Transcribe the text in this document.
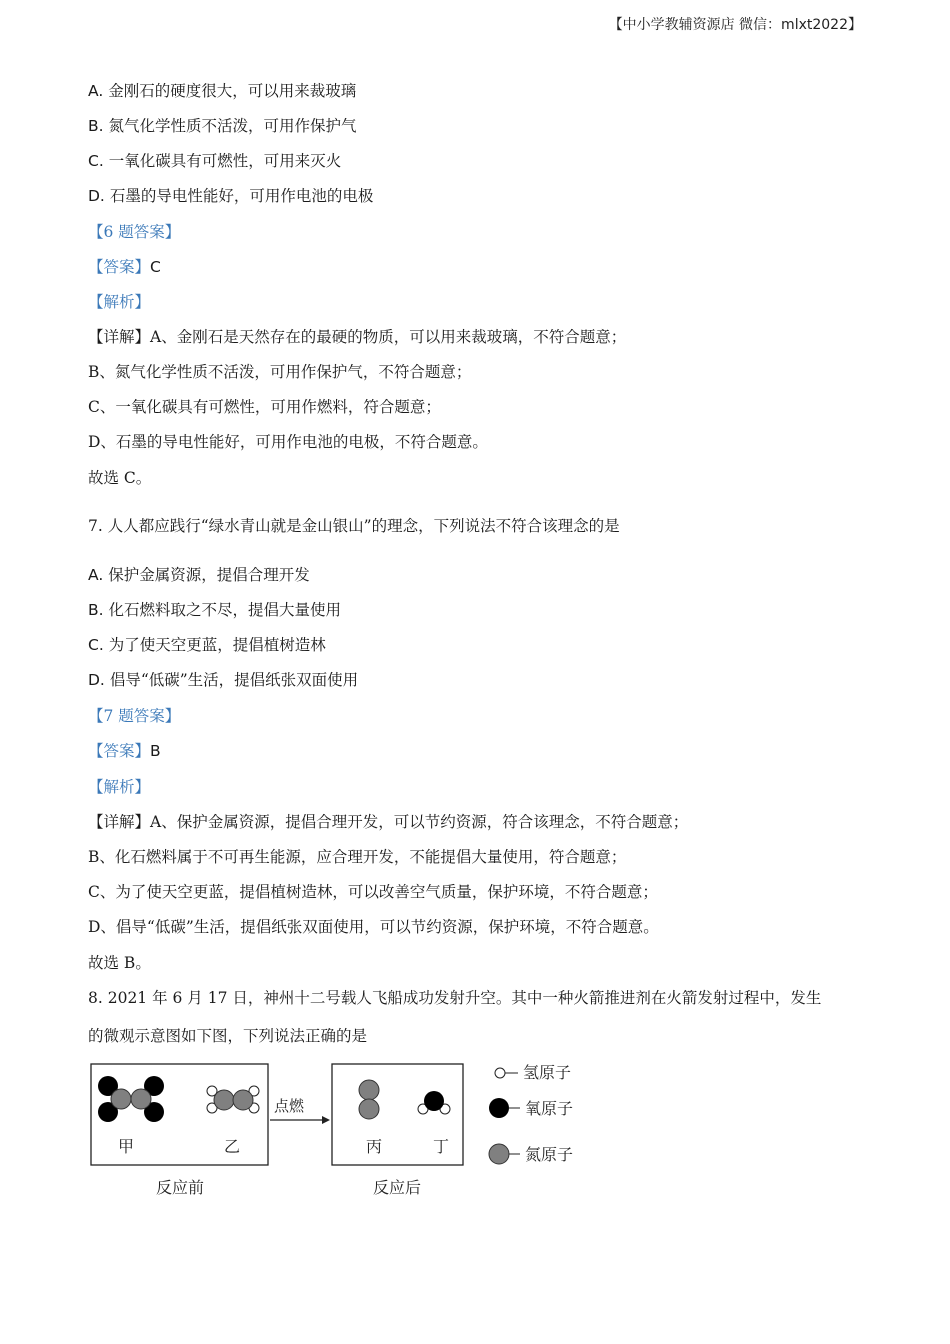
【中小学教辅资源店 微信：mlxt2022】
A. 金刚石的硬度很大，可以用来裁玻璃
B. 氮气化学性质不活泼，可用作保护气
C. 一氧化碳具有可燃性，可用来灭火
D. 石墨的导电性能好，可用作电池的电极
【6 题答案】
【答案】C
【解析】
【详解】A、金刚石是天然存在的最硬的物质，可以用来裁玻璃，不符合题意；
B、氮气化学性质不活泼，可用作保护气，不符合题意；
C、一氧化碳具有可燃性，可用作燃料，符合题意；
D、石墨的导电性能好，可用作电池的电极，不符合题意。
故选 C。
7. 人人都应践行“绿水青山就是金山银山”的理念，下列说法不符合该理念的是
A. 保护金属资源，提倡合理开发
B. 化石燃料取之不尽，提倡大量使用
C. 为了使天空更蓝，提倡植树造林
D. 倡导“低碳”生活，提倡纸张双面使用
【7 题答案】
【答案】B
【解析】
【详解】A、保护金属资源，提倡合理开发，可以节约资源，符合该理念，不符合题意；
B、化石燃料属于不可再生能源，应合理开发，不能提倡大量使用，符合题意；
C、为了使天空更蓝，提倡植树造林，可以改善空气质量，保护环境，不符合题意；
D、倡导“低碳”生活，提倡纸张双面使用，可以节约资源，保护环境，不符合题意。
故选 B。
8. 2021 年 6 月 17 日，神州十二号载人飞船成功发射升空。其中一种火箭推进剂在火箭发射过程中，发生
的微观示意图如下图，下列说法正确的是
甲	乙
点燃
丙	丁
反应前	反应后
氢原子
氧原子
氮原子
